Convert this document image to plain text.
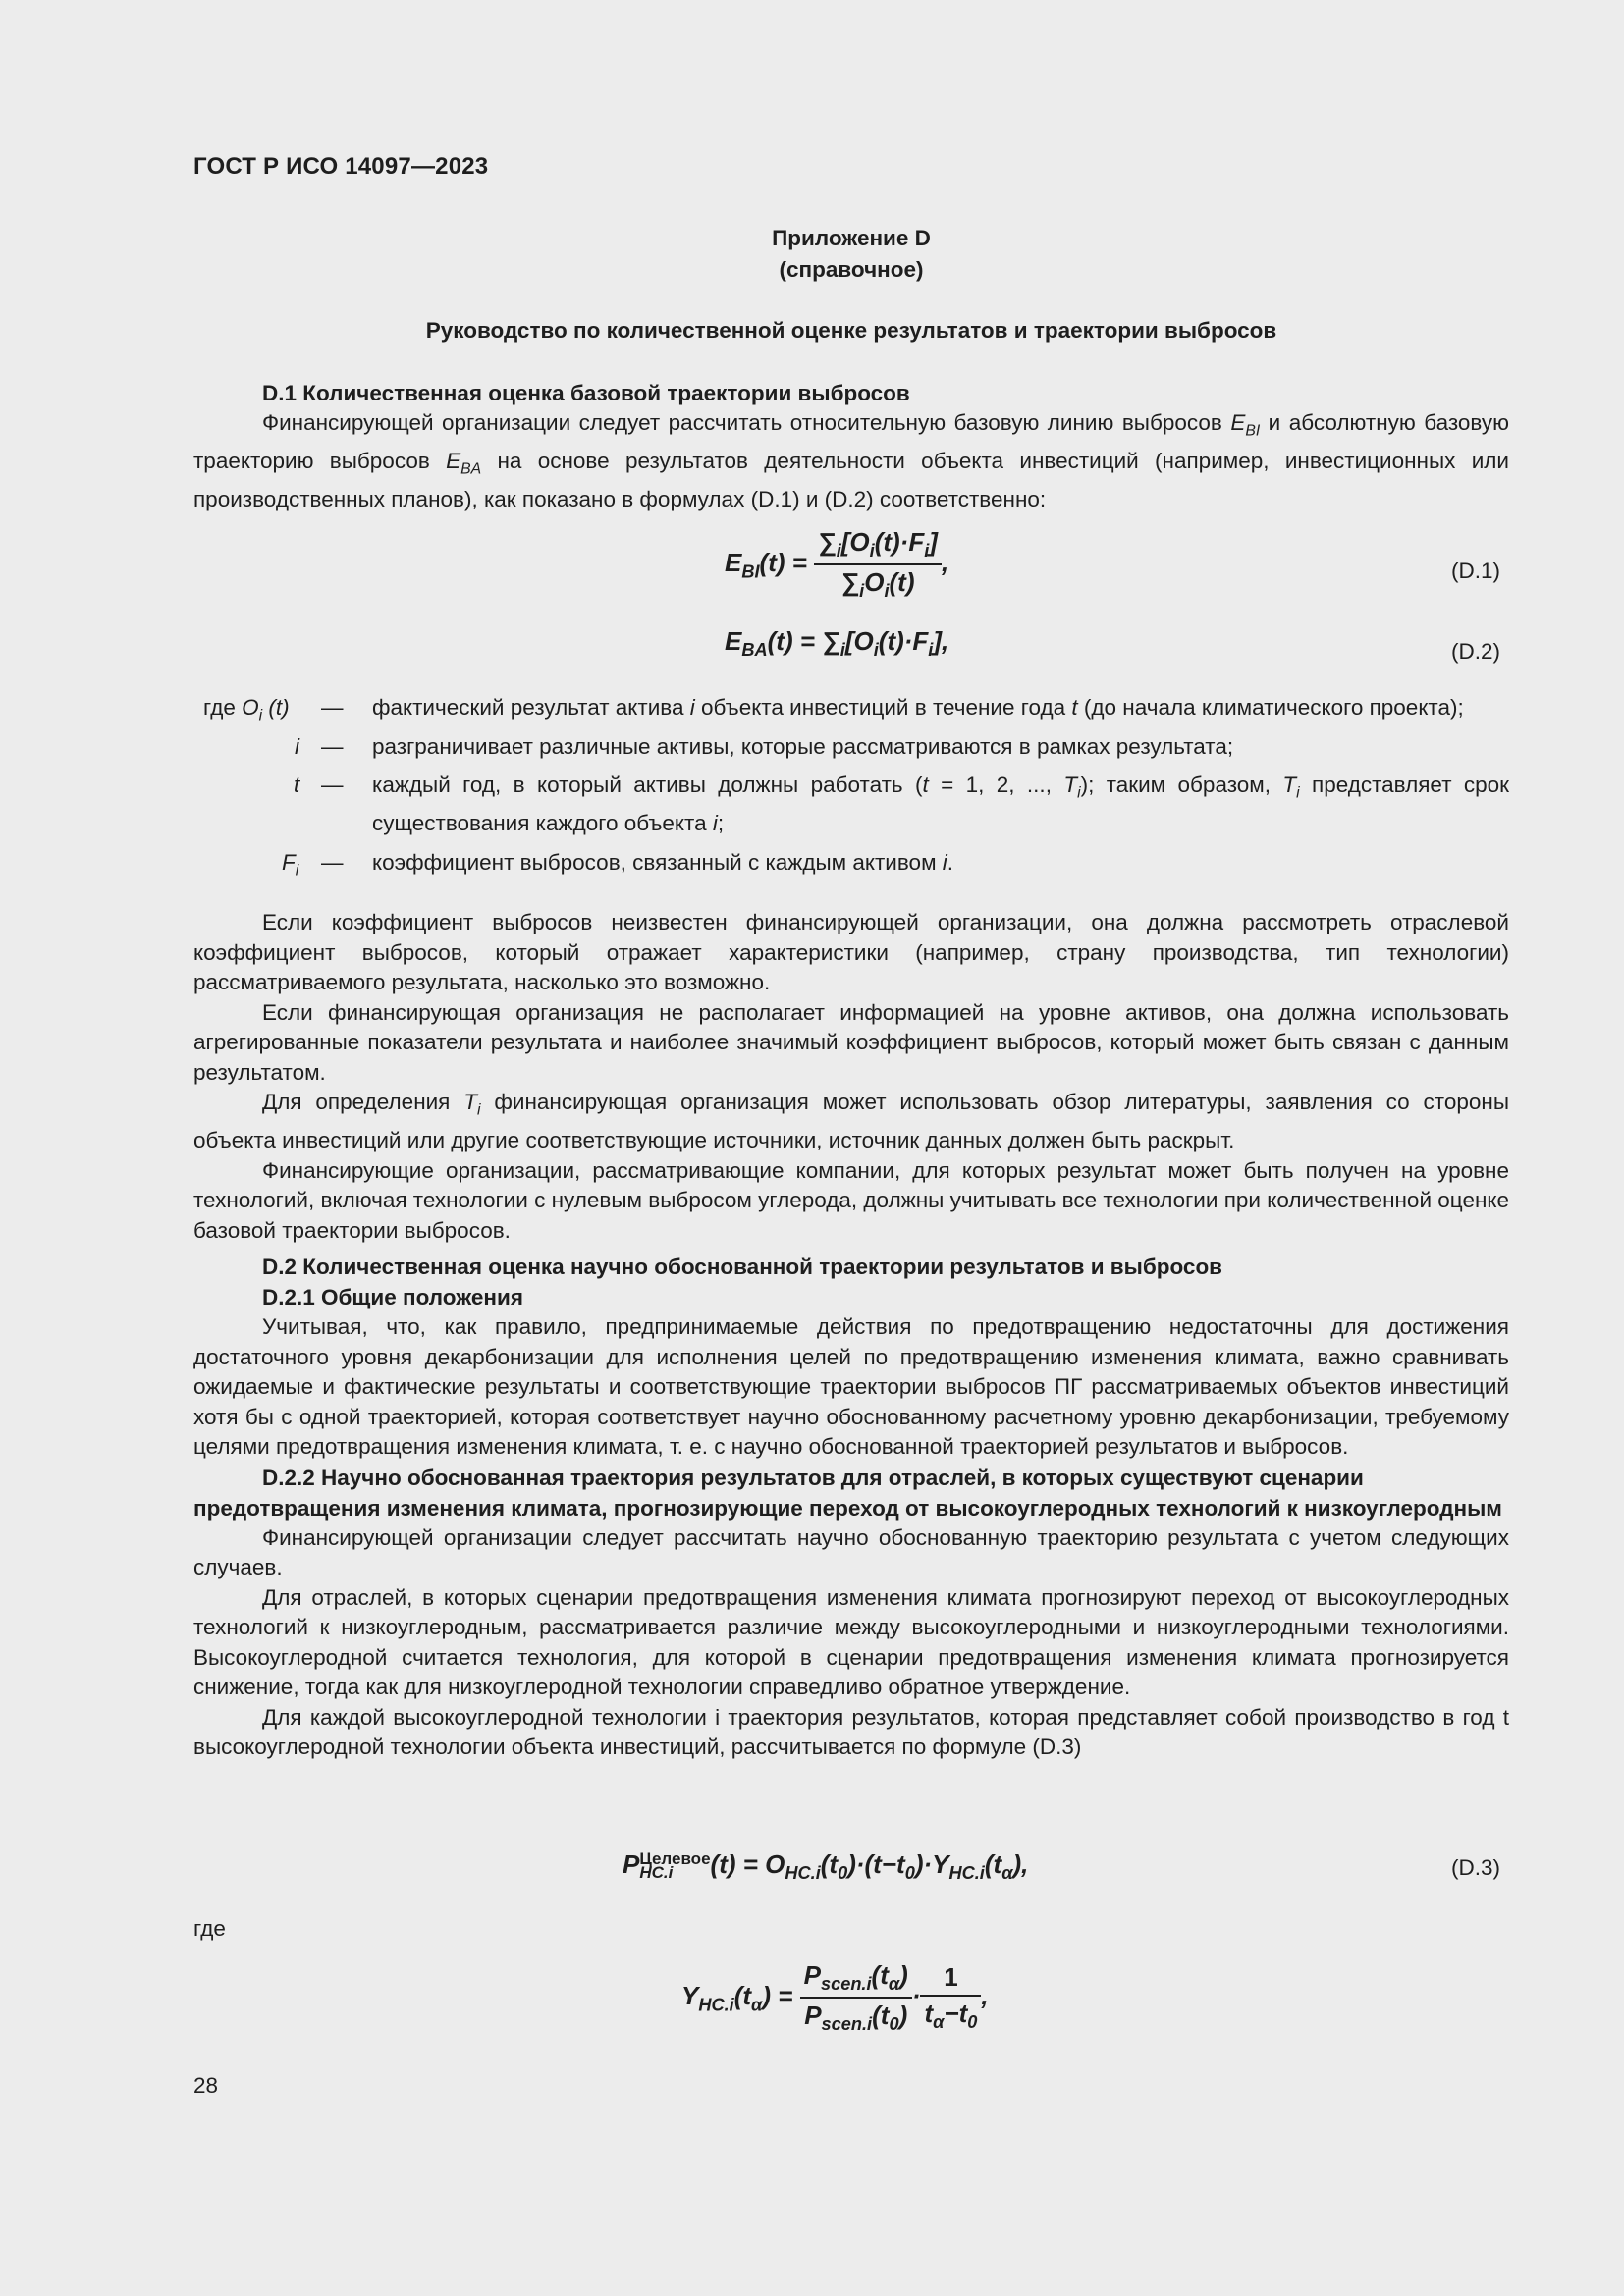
ГОСТ Р ИСО 14097—2023
Приложение D
(справочное)
Руководство по количественной оценке результатов и траектории выбросов

D.1 Количественная оценка базовой траектории выбросов

Финансирующей организации следует рассчитать относительную базовую линию выбросов $E_{BI}$ и абсолютную базовую траекторию выбросов $E_{BA}$ на основе результатов деятельности объекта инвестиций (например, инвестиционных или производственных планов), как показано в формулах (D.1) и (D.2) соответственно:

$E_{BI}(t) = \frac{\sum_i[O_i(t)\cdot F_i]}{\sum_iO_i(t)}$ ,	(D.1)
$E_{BA}(t) = \sum_i[O_i(t)\cdot F_i]$,	(D.2)
где $O_i$ (t) — фактический результат актива i объекта инвестиций в течение года t (до начала климатического проекта);
i — разграничивает различные активы, которые рассматриваются в рамках результата;
t — каждый год, в который активы должны работать (t = 1, 2, ..., $T_i$); таким образом, $T_i$ представляет срок существования каждого объекта i;
$F_i$ — коэффициент выбросов, связанный с каждым активом i.

Если коэффициент выбросов неизвестен финансирующей организации, она должна рассмотреть отраслевой коэффициент выбросов, который отражает характеристики (например, страну производства, тип технологии) рассматриваемого результата, насколько это возможно.

Если финансирующая организация не располагает информацией на уровне активов, она должна использовать агрегированные показатели результата и наиболее значимый коэффициент выбросов, который может быть связан с данным результатом.

Для определения $T_i$ финансирующая организация может использовать обзор литературы, заявления со стороны объекта инвестиций или другие соответствующие источники, источник данных должен быть раскрыт.

Финансирующие организации, рассматривающие компании, для которых результат может быть получен на уровне технологий, включая технологии с нулевым выбросом углерода, должны учитывать все технологии при количественной оценке базовой траектории выбросов.

D.2 Количественная оценка научно обоснованной траектории результатов и выбросов

D.2.1 Общие положения

Учитывая, что, как правило, предпринимаемые действия по предотвращению недостаточны для достижения достаточного уровня декарбонизации для исполнения целей по предотвращению изменения климата, важно сравнивать ожидаемые и фактические результаты и соответствующие траектории выбросов ПГ рассматриваемых объектов инвестиций хотя бы с одной траекторией, которая соответствует научно обоснованному расчетному уровню декарбонизации, требуемому целями предотвращения изменения климата, т. е. с научно обоснованной траекторией результатов и выбросов.

D.2.2 Научно обоснованная траектория результатов для отраслей, в которых существуют сценарии предотвращения изменения климата, прогнозирующие переход от высокоуглеродных технологий к низкоуглеродным

Финансирующей организации следует рассчитать научно обоснованную траекторию результата с учетом следующих случаев.

Для отраслей, в которых сценарии предотвращения изменения климата прогнозируют переход от высокоуглеродных технологий к низкоуглеродным, рассматривается различие между высокоуглеродными и низкоуглеродными технологиями. Высокоуглеродной считается технология, для которой в сценарии предотвращения изменения климата прогнозируется снижение, тогда как для низкоуглеродной технологии справедливо обратное утверждение.

Для каждой высокоуглеродной технологии i траектория результатов, которая представляет собой производство в год t высокоуглеродной технологии объекта инвестиций, рассчитывается по формуле (D.3)

P Целевое
HC.i	$(t) = O_{HC.i}(t_0)\cdot(t-t_0)\cdot Y_{HC.i}(t_\alpha)$,	(D.3)
где
$Y_{HC.i}(t_\alpha) = \frac{P_{scen.i}(t_\alpha)}{P_{scen.i}(t_0)} \cdot \frac{1}{t_\alpha-t_0}$ ,
28
